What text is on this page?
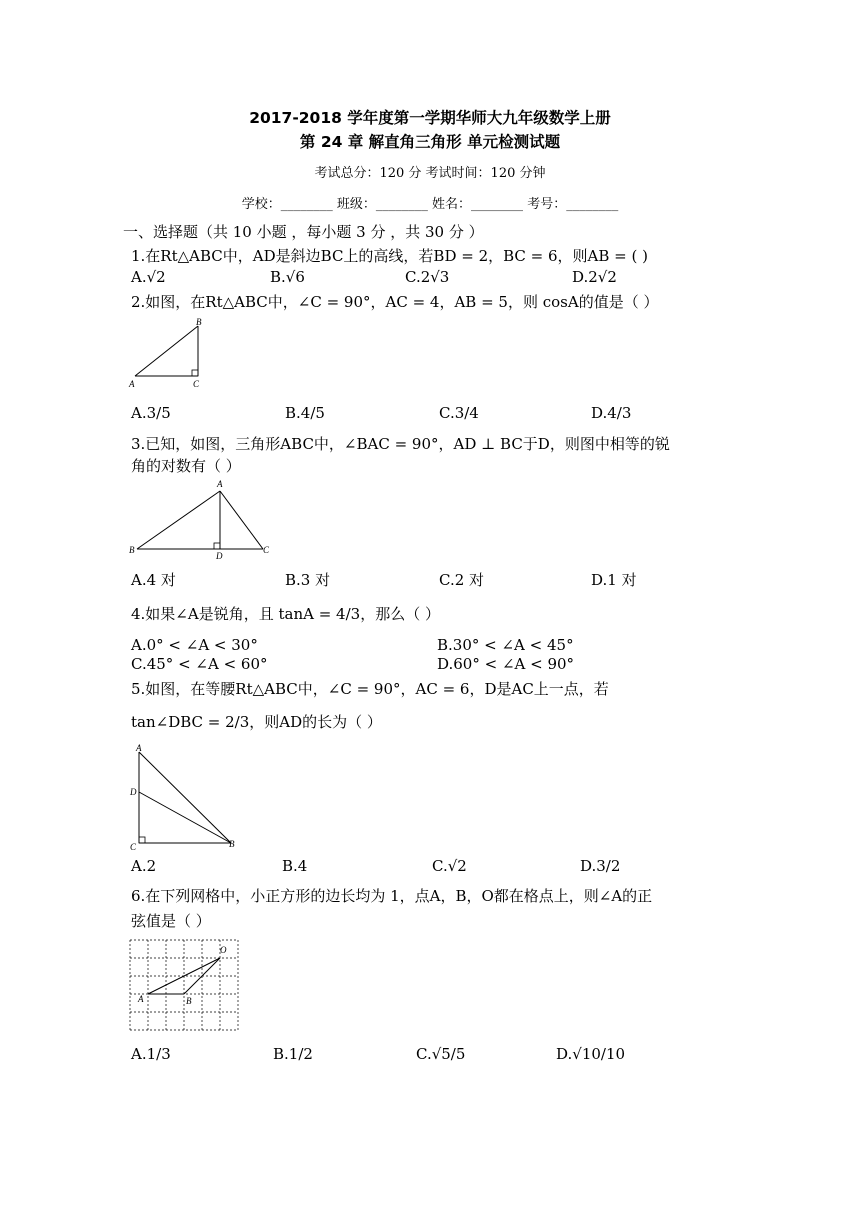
2017-2018 学年度第一学期华师大九年级数学上册
第 24 章 解直角三角形 单元检测试题
考试总分：120 分 考试时间：120 分钟
学校：________ 班级：________ 姓名：________ 考号：________
一、选择题（共 10 小题 ，每小题 3 分 ，共 30 分 ）
1.在Rt△ABC中，AD是斜边BC上的高线，若BD = 2，BC = 6，则AB = ( )
A.√2	B.√6	C.2√3	D.2√2
2.如图，在Rt△ABC中，∠C = 90°，AC = 4，AB = 5，则 cosA的值是（ ）
B
A	C
A.3/5	B.4/5	C.3/4	D.4/3
3.已知，如图，三角形ABC中，∠BAC = 90°，AD ⊥ BC于D，则图中相等的锐
角的对数有（ ）
A
B
D
C
A.4 对	B.3 对	C.2 对	D.1 对
4.如果∠A是锐角，且 tanA = 4/3，那么（ ）
A.0° < ∠A < 30°	B.30° < ∠A < 45°
C.45° < ∠A < 60°	D.60° < ∠A < 90°
5.如图，在等腰Rt△ABC中，∠C = 90°，AC = 6，D是AC上一点，若
tan∠DBC = 2/3，则AD的长为（ ）
A
D
C	B
A.2	B.4	C.√2	D.3/2
6.在下列网格中，小正方形的边长均为 1，点A，B，O都在格点上，则∠A的正
弦值是（ ）
A	B
O
A.1/3	B.1/2	C.√5/5	D.√10/10
